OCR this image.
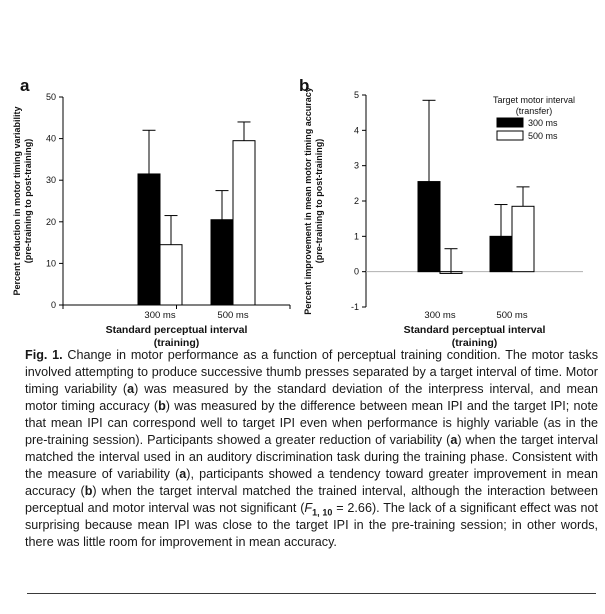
a
Percent reduction in motor timing variability (pre-training to post-training)
0
10
20
30
40
50
300 ms	500 ms
Standard perceptual interval
(training)
b
Percent improvement in mean motor timing accuracy (pre-training to post-training)
-1
0
1
2
3
4
5
300 ms	500 ms
Standard perceptual interval
(training)
Target motor interval
(transfer)
300 ms
500 ms

Fig. 1. Change in motor performance as a function of perceptual training condition. The motor tasks involved attempting to produce successive thumb presses separated by a target interval of time. Motor timing variability (a) was measured by the standard deviation of the interpress interval, and mean motor timing accuracy (b) was measured by the difference between mean IPI and the target IPI; note that mean IPI can correspond well to target IPI even when performance is highly variable (as in the pre-training session). Participants showed a greater reduction of variability (a) when the target interval matched the interval used in an auditory discrimination task during the training phase. Consistent with the measure of variability (a), participants showed a tendency toward greater improvement in mean accuracy (b) when the target interval matched the trained interval, although the interaction between perceptual and motor interval was not significant $(F_{1, 10} = 2.66)$. The lack of a significant effect was not surprising because mean IPI was close to the target IPI in the pre-training session; in other words, there was little room for improvement in mean accuracy.
